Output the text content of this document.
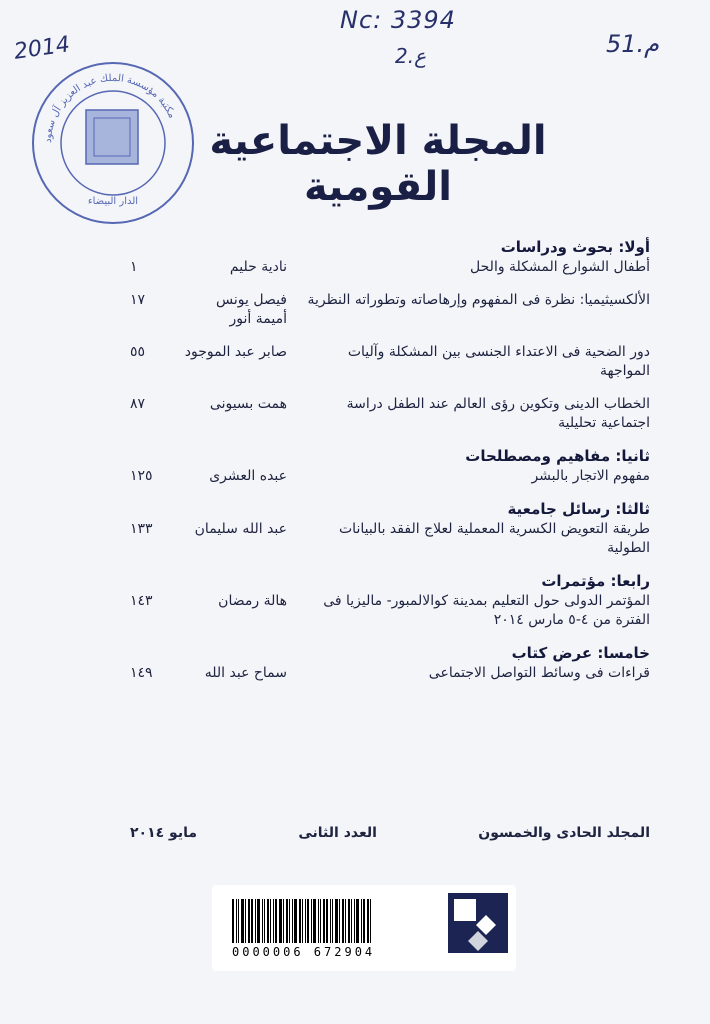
2014
Nc: 3394
2.ع	51.م
مكتبة مؤسسة الملك عبد العزيز آل سعود
الدار البيضاء
المجلة الاجتماعية القومية
أولا: بحوث ودراسات
أطفال الشوارع المشكلة والحل
نادية حليم
١
الألكسيثيميا: نظرة فى المفهوم وإرهاصاته وتطوراته النظرية
فيصل يونس
أميمة أنور
١٧
دور الضحية فى الاعتداء الجنسى بين المشكلة وآليات المواجهة
صابر عبد الموجود
٥٥
الخطاب الدينى وتكوين رؤى العالم عند الطفل دراسة اجتماعية تحليلية
همت بسيونى
٨٧
ثانيا: مفاهيم ومصطلحات
مفهوم الاتجار بالبشر
عبده العشرى
١٢٥
ثالثا: رسائل جامعية
طريقة التعويض الكسرية المعملية لعلاج الفقد بالبيانات الطولية
عبد الله سليمان
١٣٣
رابعا: مؤتمرات
المؤتمر الدولى حول التعليم بمدينة كوالالمبور- ماليزيا فى الفترة من ٤-٥ مارس ٢٠١٤
هالة رمضان
١٤٣
خامسا: عرض كتاب
قراءات فى وسائط التواصل الاجتماعى
سماح عبد الله
١٤٩
المجلد الحادى والخمسون
العدد الثانى
مايو ٢٠١٤
0000006 672904
